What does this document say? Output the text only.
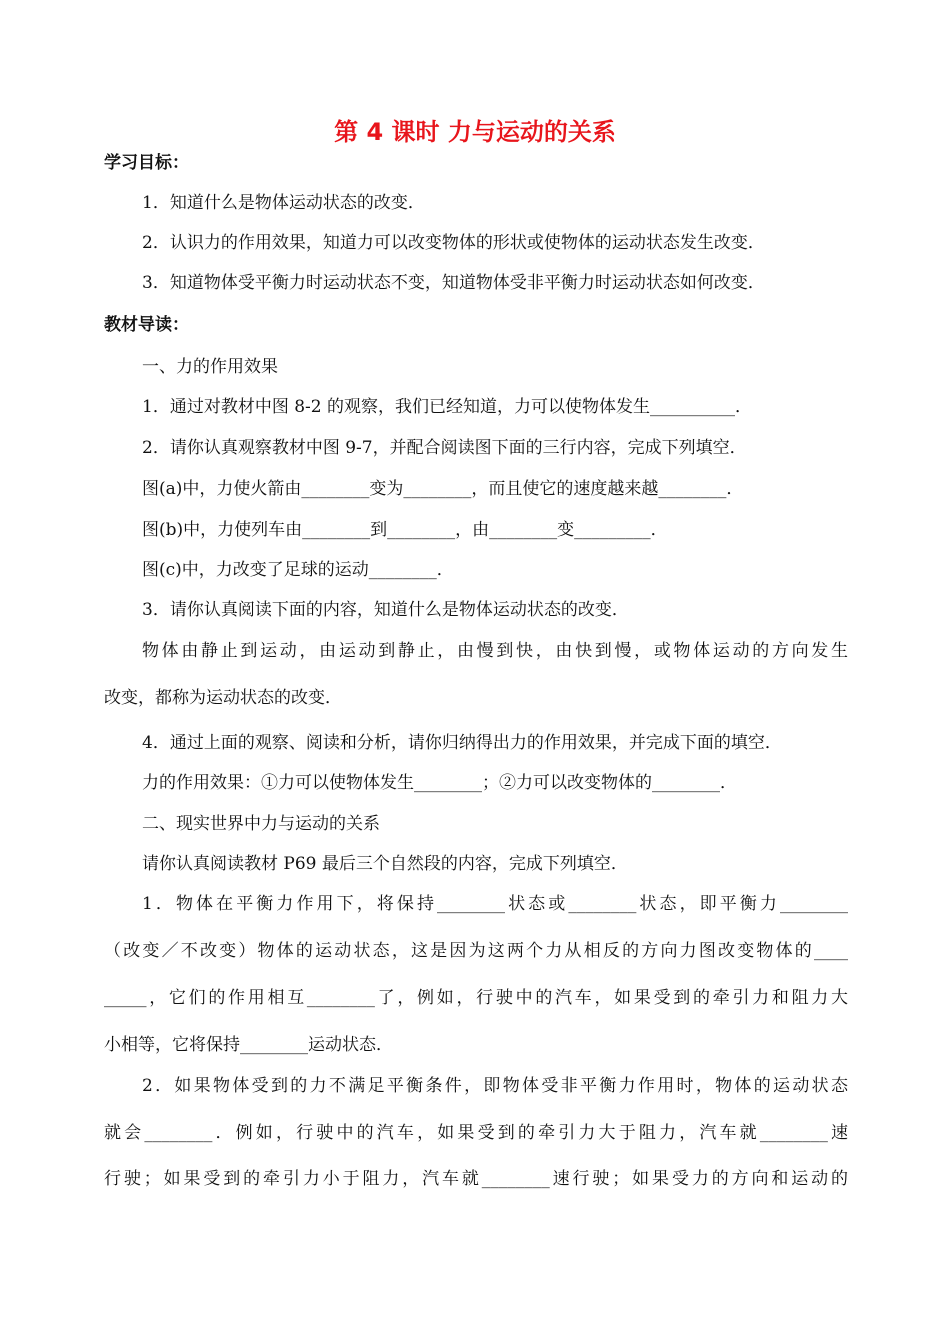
第 4 课时 力与运动的关系
学习目标：
1．知道什么是物体运动状态的改变．
2．认识力的作用效果，知道力可以改变物体的形状或使物体的运动状态发生改变．
3．知道物体受平衡力时运动状态不变，知道物体受非平衡力时运动状态如何改变．
教材导读：
一、力的作用效果
1．通过对教材中图 8-2 的观察，我们已经知道，力可以使物体发生__________．
2．请你认真观察教材中图 9-7，并配合阅读图下面的三行内容，完成下列填空．
图(a)中，力使火箭由________变为________，而且使它的速度越来越________．
图(b)中，力使列车由________到________，由________变_________．
图(c)中，力改变了足球的运动________．
3．请你认真阅读下面的内容，知道什么是物体运动状态的改变．
物体由静止到运动，由运动到静止，由慢到快，由快到慢，或物体运动的方向发生
改变，都称为运动状态的改变．
4．通过上面的观察、阅读和分析，请你归纳得出力的作用效果，并完成下面的填空．
力的作用效果：①力可以使物体发生________；②力可以改变物体的________．
二、现实世界中力与运动的关系
请你认真阅读教材 P69 最后三个自然段的内容，完成下列填空．
1．物体在平衡力作用下，将保持________状态或________状态，即平衡力________
（改变／不改变）物体的运动状态，这是因为这两个力从相反的方向力图改变物体的____
_____，它们的作用相互________了，例如，行驶中的汽车，如果受到的牵引力和阻力大
小相等，它将保持________运动状态．
2．如果物体受到的力不满足平衡条件，即物体受非平衡力作用时，物体的运动状态
就会________．例如，行驶中的汽车，如果受到的牵引力大于阻力，汽车就________速
行驶；如果受到的牵引力小于阻力，汽车就________速行驶；如果受力的方向和运动的
